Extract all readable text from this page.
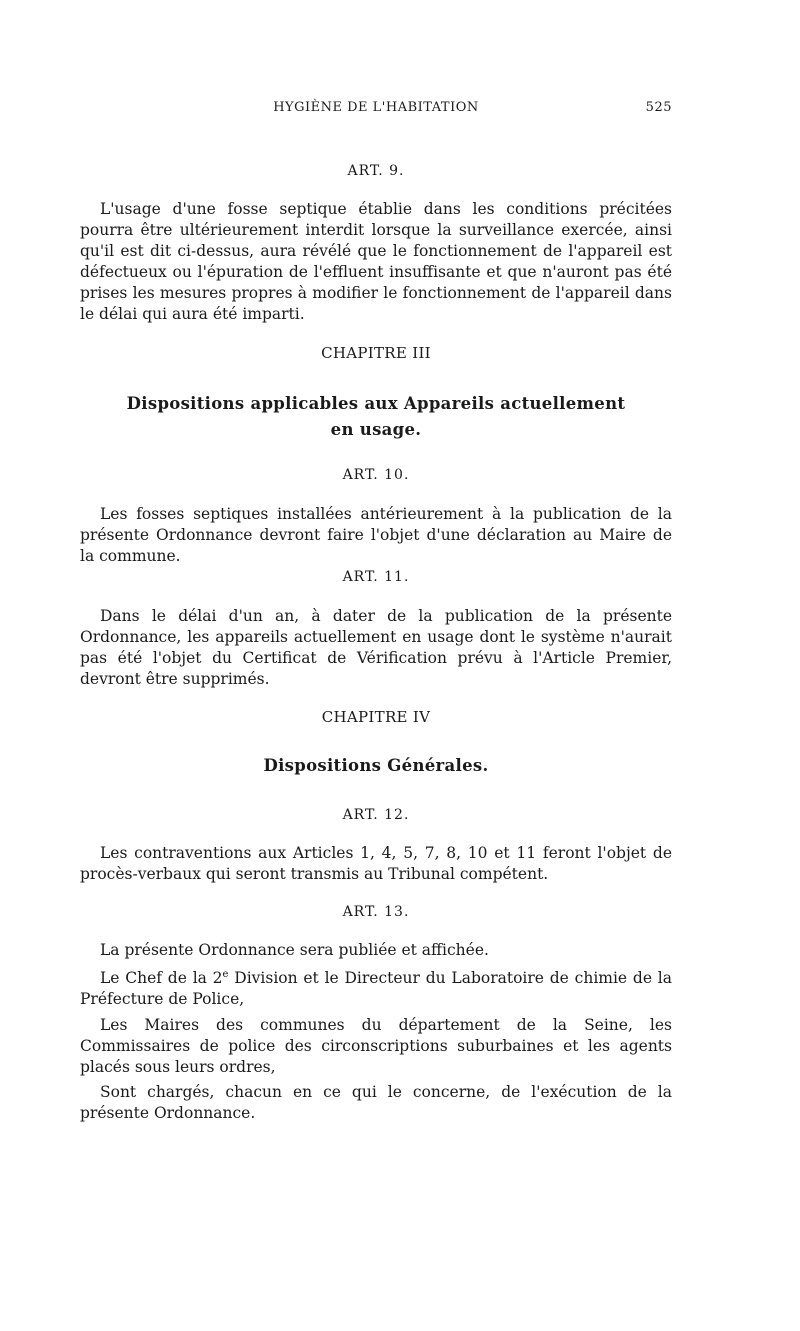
HYGIÈNE DE L'HABITATION	525
ART. 9.
L'usage d'une fosse septique établie dans les conditions précitées pourra être ultérieurement interdit lorsque la surveillance exercée, ainsi qu'il est dit ci-dessus, aura révélé que le fonctionnement de l'appareil est défectueux ou l'épuration de l'effluent insuffisante et que n'auront pas été prises les mesures propres à modifier le fonctionnement de l'appareil dans le délai qui aura été imparti.
CHAPITRE III
Dispositions applicables aux Appareils actuellement en usage.
ART. 10.
Les fosses septiques installées antérieurement à la publication de la présente Ordonnance devront faire l'objet d'une déclaration au Maire de la commune.
ART. 11.
Dans le délai d'un an, à dater de la publication de la présente Ordonnance, les appareils actuellement en usage dont le système n'aurait pas été l'objet du Certificat de Vérification prévu à l'Article Premier, devront être supprimés.
CHAPITRE IV
Dispositions Générales.
ART. 12.
Les contraventions aux Articles 1, 4, 5, 7, 8, 10 et 11 feront l'objet de procès-verbaux qui seront transmis au Tribunal compétent.
ART. 13.
La présente Ordonnance sera publiée et affichée.
Le Chef de la 2e Division et le Directeur du Laboratoire de chimie de la Préfecture de Police,
Les Maires des communes du département de la Seine, les Commissaires de police des circonscriptions suburbaines et les agents placés sous leurs ordres,
Sont chargés, chacun en ce qui le concerne, de l'exécution de la présente Ordonnance.
